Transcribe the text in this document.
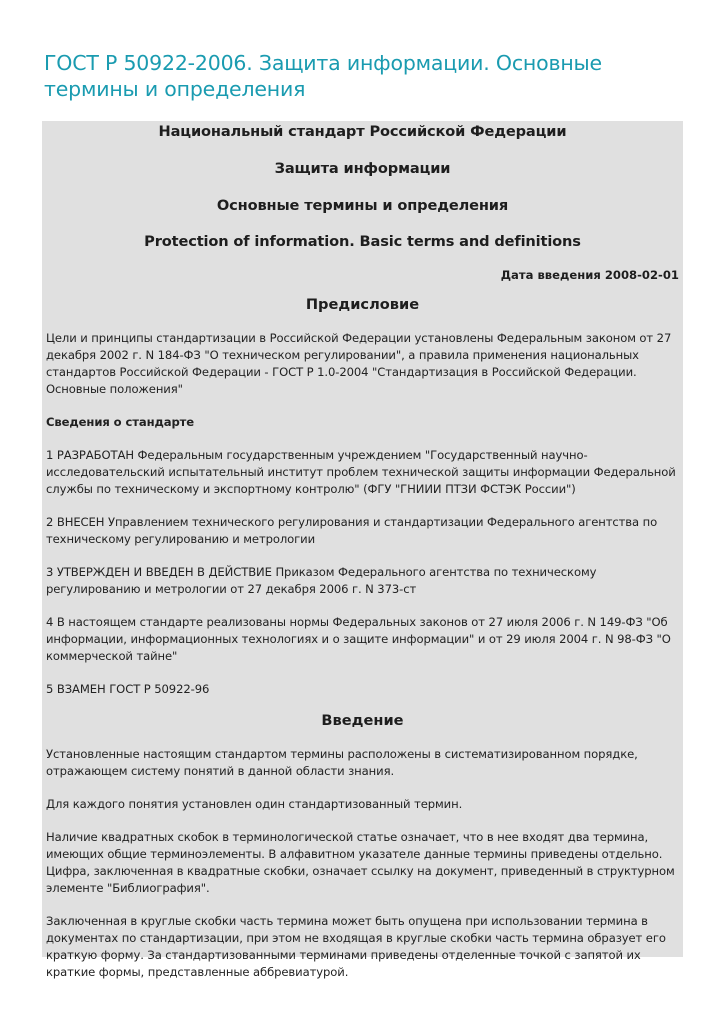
ГОСТ Р 50922-2006. Защита информации. Основные термины и определения

Национальный стандарт Российской Федерации

Защита информации

Основные термины и определения

Protection of information. Basic terms and definitions

Дата введения 2008-02-01

Предисловие

Цели и принципы стандартизации в Российской Федерации установлены Федеральным законом от 27 декабря 2002 г. N 184-ФЗ "О техническом регулировании", а правила применения национальных стандартов Российской Федерации - ГОСТ Р 1.0-2004 "Стандартизация в Российской Федерации. Основные положения"

Сведения о стандарте

1 РАЗРАБОТАН Федеральным государственным учреждением "Государственный научно-исследовательский испытательный институт проблем технической защиты информации Федеральной службы по техническому и экспортному контролю" (ФГУ "ГНИИИ ПТЗИ ФСТЭК России")

2 ВНЕСЕН Управлением технического регулирования и стандартизации Федерального агентства по техническому регулированию и метрологии

3 УТВЕРЖДЕН И ВВЕДЕН В ДЕЙСТВИЕ Приказом Федерального агентства по техническому регулированию и метрологии от 27 декабря 2006 г. N 373-ст

4 В настоящем стандарте реализованы нормы Федеральных законов от 27 июля 2006 г. N 149-ФЗ "Об информации, информационных технологиях и о защите информации" и от 29 июля 2004 г. N 98-ФЗ "О коммерческой тайне"

5 ВЗАМЕН ГОСТ Р 50922-96

Введение

Установленные настоящим стандартом термины расположены в систематизированном порядке, отражающем систему понятий в данной области знания.

Для каждого понятия установлен один стандартизованный термин.

Наличие квадратных скобок в терминологической статье означает, что в нее входят два термина, имеющих общие терминоэлементы. В алфавитном указателе данные термины приведены отдельно. Цифра, заключенная в квадратные скобки, означает ссылку на документ, приведенный в структурном элементе "Библиография".

Заключенная в круглые скобки часть термина может быть опущена при использовании термина в документах по стандартизации, при этом не входящая в круглые скобки часть термина образует его краткую форму. За стандартизованными терминами приведены отделенные точкой с запятой их краткие формы, представленные аббревиатурой.
